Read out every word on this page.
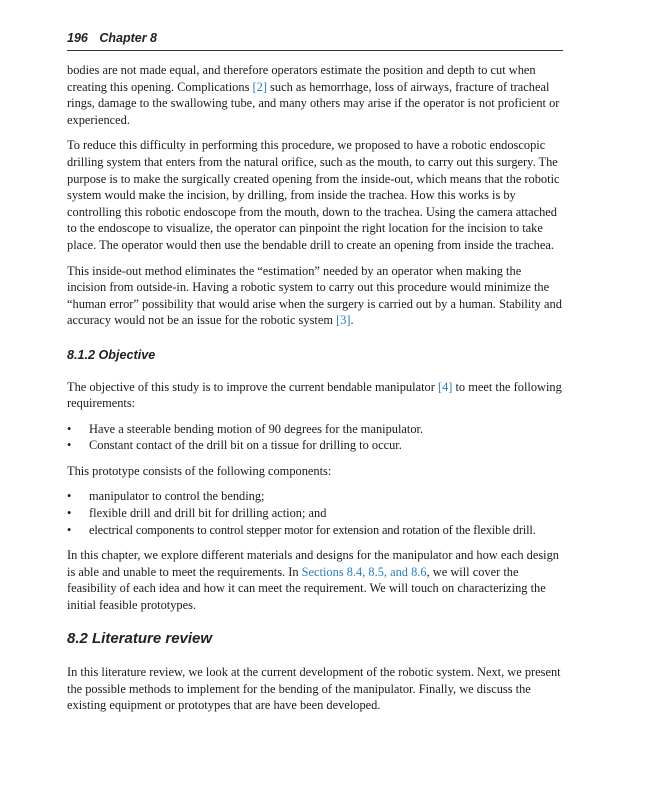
196 Chapter 8

bodies are not made equal, and therefore operators estimate the position and depth to cut when creating this opening. Complications [2] such as hemorrhage, loss of airways, fracture of tracheal rings, damage to the swallowing tube, and many others may arise if the operator is not proficient or experienced.

To reduce this difficulty in performing this procedure, we proposed to have a robotic endoscopic drilling system that enters from the natural orifice, such as the mouth, to carry out this surgery. The purpose is to make the surgically created opening from the inside-out, which means that the robotic system would make the incision, by drilling, from inside the trachea. How this works is by controlling this robotic endoscope from the mouth, down to the trachea. Using the camera attached to the endoscope to visualize, the operator can pinpoint the right location for the incision to take place. The operator would then use the bendable drill to create an opening from inside the trachea.

This inside-out method eliminates the “estimation” needed by an operator when making the incision from outside-in. Having a robotic system to carry out this procedure would minimize the “human error” possibility that would arise when the surgery is carried out by a human. Stability and accuracy would not be an issue for the robotic system [3].

8.1.2 Objective

The objective of this study is to improve the current bendable manipulator [4] to meet the following requirements:

• Have a steerable bending motion of 90 degrees for the manipulator.
• Constant contact of the drill bit on a tissue for drilling to occur.

This prototype consists of the following components:

• manipulator to control the bending;
• flexible drill and drill bit for drilling action; and
• electrical components to control stepper motor for extension and rotation of the flexible drill.

In this chapter, we explore different materials and designs for the manipulator and how each design is able and unable to meet the requirements. In Sections 8.4, 8.5, and 8.6, we will cover the feasibility of each idea and how it can meet the requirement. We will touch on characterizing the initial feasible prototypes.

8.2 Literature review

In this literature review, we look at the current development of the robotic system. Next, we present the possible methods to implement for the bending of the manipulator. Finally, we discuss the existing equipment or prototypes that are have been developed.
